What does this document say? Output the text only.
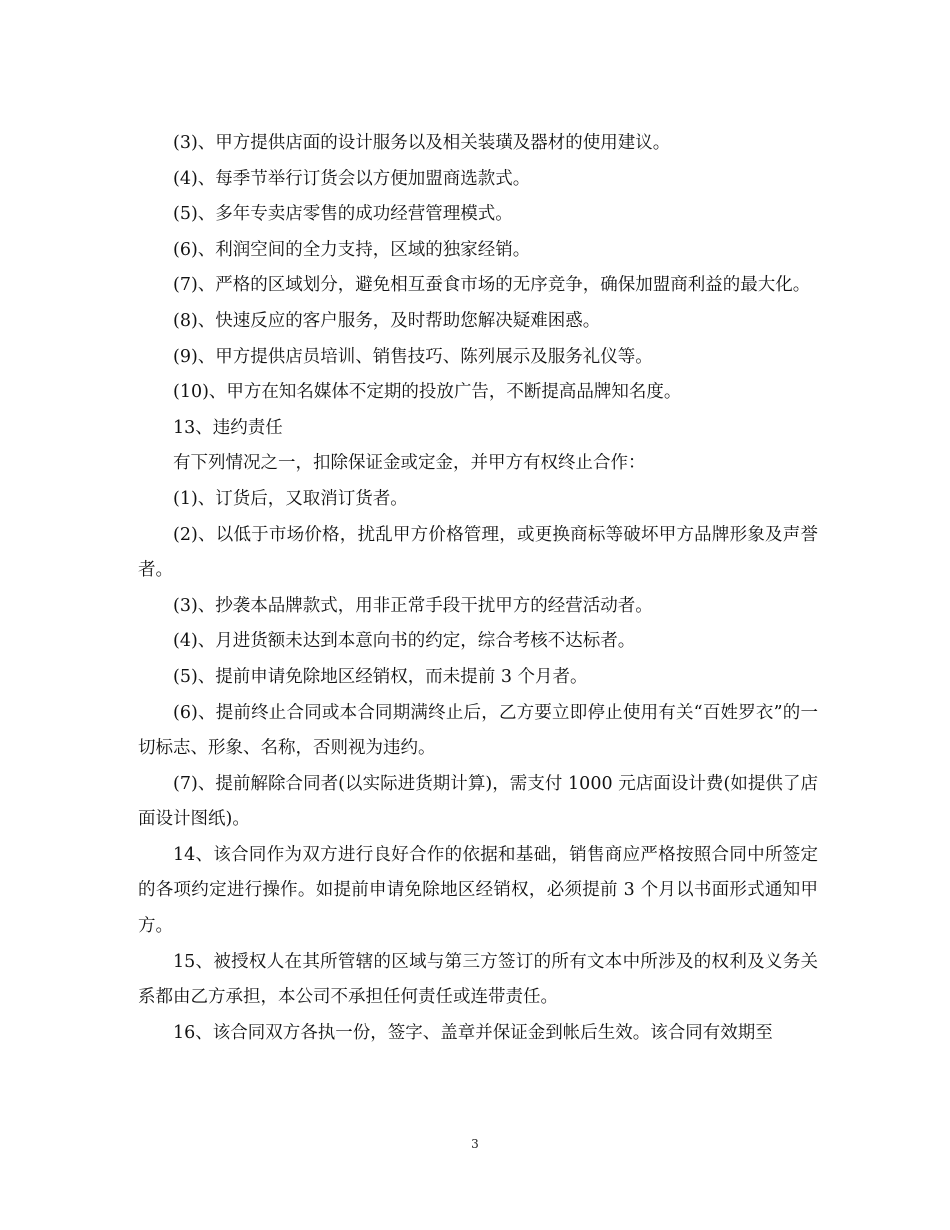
(3)、甲方提供店面的设计服务以及相关装璜及器材的使用建议。

(4)、每季节举行订货会以方便加盟商选款式。

(5)、多年专卖店零售的成功经营管理模式。

(6)、利润空间的全力支持，区域的独家经销。

(7)、严格的区域划分，避免相互蚕食市场的无序竞争，确保加盟商利益的最大化。

(8)、快速反应的客户服务，及时帮助您解决疑难困惑。

(9)、甲方提供店员培训、销售技巧、陈列展示及服务礼仪等。

(10)、甲方在知名媒体不定期的投放广告，不断提高品牌知名度。

13、违约责任

有下列情况之一，扣除保证金或定金，并甲方有权终止合作：

(1)、订货后，又取消订货者。

(2)、以低于市场价格，扰乱甲方价格管理，或更换商标等破坏甲方品牌形象及声誉者。

(3)、抄袭本品牌款式，用非正常手段干扰甲方的经营活动者。

(4)、月进货额未达到本意向书的约定，综合考核不达标者。

(5)、提前申请免除地区经销权，而未提前 3 个月者。

(6)、提前终止合同或本合同期满终止后，乙方要立即停止使用有关“百姓罗衣”的一切标志、形象、名称，否则视为违约。

(7)、提前解除合同者(以实际进货期计算)，需支付 1000 元店面设计费(如提供了店面设计图纸)。

14、该合同作为双方进行良好合作的依据和基础，销售商应严格按照合同中所签定的各项约定进行操作。如提前申请免除地区经销权，必须提前 3 个月以书面形式通知甲方。

15、被授权人在其所管辖的区域与第三方签订的所有文本中所涉及的权利及义务关系都由乙方承担，本公司不承担任何责任或连带责任。

16、该合同双方各执一份，签字、盖章并保证金到帐后生效。该合同有效期至

3
